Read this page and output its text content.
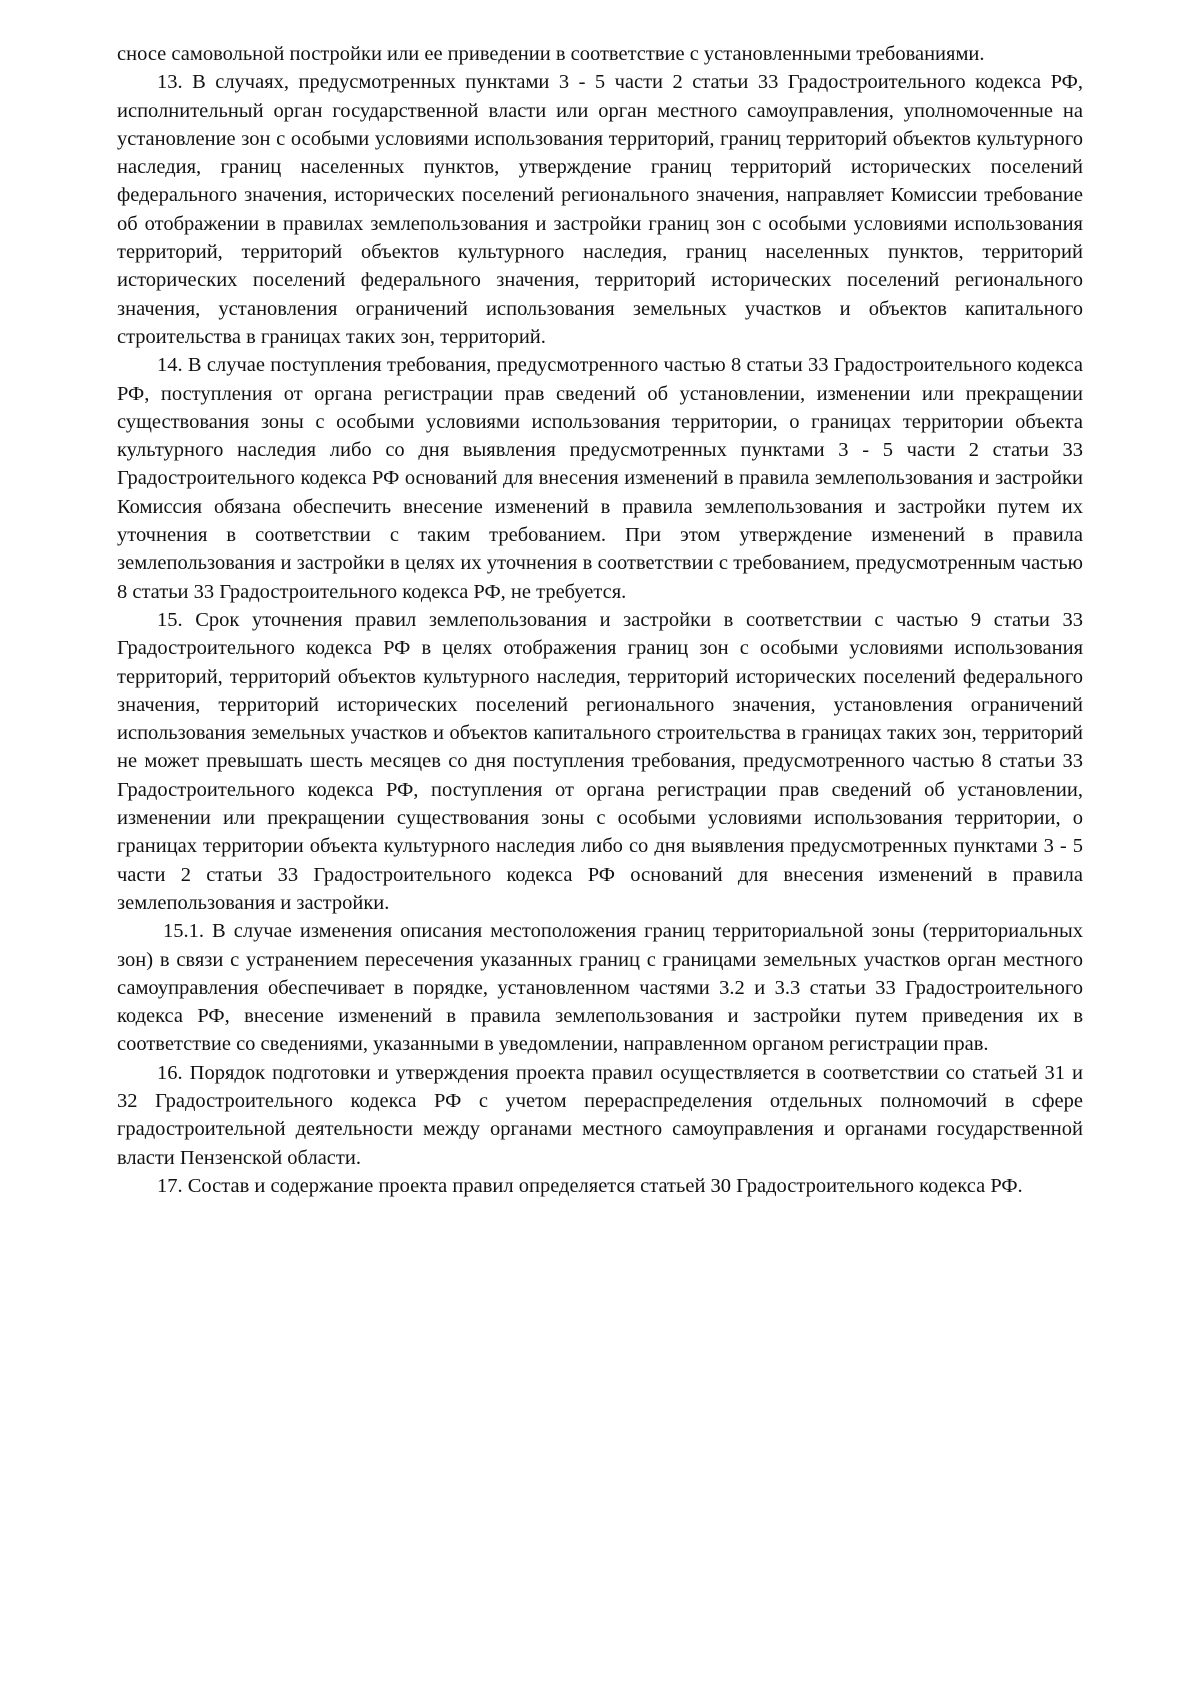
сносе самовольной постройки или ее приведении в соответствие с установленными требованиями.

13. В случаях, предусмотренных пунктами 3 - 5 части 2 статьи 33 Градостроительного кодекса РФ, исполнительный орган государственной власти или орган местного самоуправления, уполномоченные на установление зон с особыми условиями использования территорий, границ территорий объектов культурного наследия, границ населенных пунктов, утверждение границ территорий исторических поселений федерального значения, исторических поселений регионального значения, направляет Комиссии требование об отображении в правилах землепользования и застройки границ зон с особыми условиями использования территорий, территорий объектов культурного наследия, границ населенных пунктов, территорий исторических поселений федерального значения, территорий исторических поселений регионального значения, установления ограничений использования земельных участков и объектов капитального строительства в границах таких зон, территорий.

14. В случае поступления требования, предусмотренного частью 8 статьи 33 Градостроительного кодекса РФ, поступления от органа регистрации прав сведений об установлении, изменении или прекращении существования зоны с особыми условиями использования территории, о границах территории объекта культурного наследия либо со дня выявления предусмотренных пунктами 3 - 5 части 2 статьи 33 Градостроительного кодекса РФ оснований для внесения изменений в правила землепользования и застройки Комиссия обязана обеспечить внесение изменений в правила землепользования и застройки путем их уточнения в соответствии с таким требованием. При этом утверждение изменений в правила землепользования и застройки в целях их уточнения в соответствии с требованием, предусмотренным частью 8 статьи 33 Градостроительного кодекса РФ, не требуется.

15. Срок уточнения правил землепользования и застройки в соответствии с частью 9 статьи 33 Градостроительного кодекса РФ в целях отображения границ зон с особыми условиями использования территорий, территорий объектов культурного наследия, территорий исторических поселений федерального значения, территорий исторических поселений регионального значения, установления ограничений использования земельных участков и объектов капитального строительства в границах таких зон, территорий не может превышать шесть месяцев со дня поступления требования, предусмотренного частью 8 статьи 33 Градостроительного кодекса РФ, поступления от органа регистрации прав сведений об установлении, изменении или прекращении существования зоны с особыми условиями использования территории, о границах территории объекта культурного наследия либо со дня выявления предусмотренных пунктами 3 - 5 части 2 статьи 33 Градостроительного кодекса РФ оснований для внесения изменений в правила землепользования и застройки.

15.1. В случае изменения описания местоположения границ территориальной зоны (территориальных зон) в связи с устранением пересечения указанных границ с границами земельных участков орган местного самоуправления обеспечивает в порядке, установленном частями 3.2 и 3.3 статьи 33 Градостроительного кодекса РФ, внесение изменений в правила землепользования и застройки путем приведения их в соответствие со сведениями, указанными в уведомлении, направленном органом регистрации прав.

16. Порядок подготовки и утверждения проекта правил осуществляется в соответствии со статьей 31 и 32 Градостроительного кодекса РФ с учетом перераспределения отдельных полномочий в сфере градостроительной деятельности между органами местного самоуправления и органами государственной власти Пензенской области.

17. Состав и содержание проекта правил определяется статьей 30 Градостроительного кодекса РФ.
